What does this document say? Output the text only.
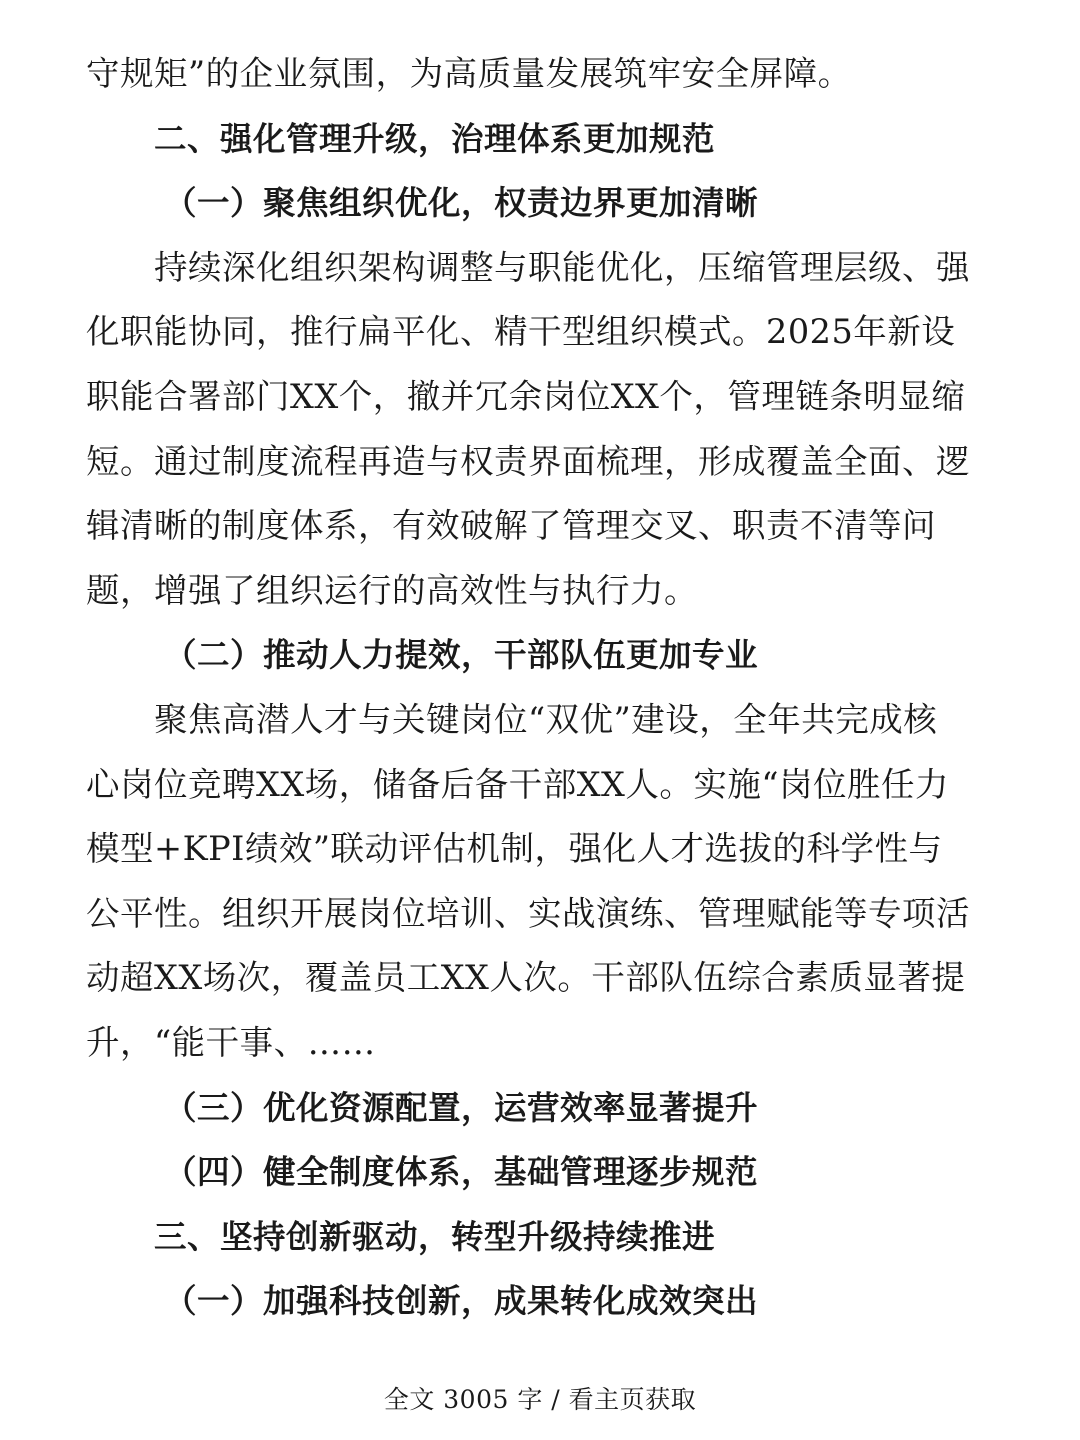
守规矩”的企业氛围，为高质量发展筑牢安全屏障。
二、强化管理升级，治理体系更加规范
（一）聚焦组织优化，权责边界更加清晰
持续深化组织架构调整与职能优化，压缩管理层级、强
化职能协同，推行扁平化、精干型组织模式。2025年新设
职能合署部门XX个，撤并冗余岗位XX个，管理链条明显缩
短。通过制度流程再造与权责界面梳理，形成覆盖全面、逻
辑清晰的制度体系，有效破解了管理交叉、职责不清等问
题，增强了组织运行的高效性与执行力。
（二）推动人力提效，干部队伍更加专业
聚焦高潜人才与关键岗位“双优”建设，全年共完成核
心岗位竞聘XX场，储备后备干部XX人。实施“岗位胜任力
模型+KPI绩效”联动评估机制，强化人才选拔的科学性与
公平性。组织开展岗位培训、实战演练、管理赋能等专项活
动超XX场次，覆盖员工XX人次。干部队伍综合素质显著提
升，“能干事、……
（三）优化资源配置，运营效率显著提升
（四）健全制度体系，基础管理逐步规范
三、坚持创新驱动，转型升级持续推进
（一）加强科技创新，成果转化成效突出
全文 3005 字 / 看主页获取
